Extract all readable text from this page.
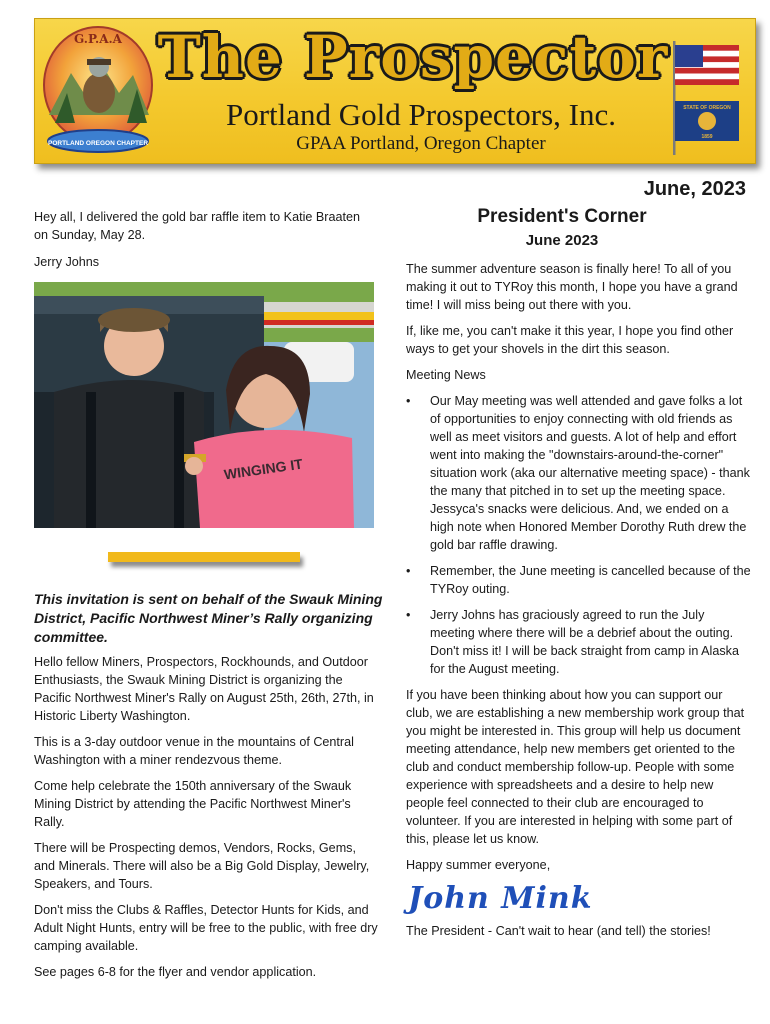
G.P.A.A
PORTLAND OREGON CHAPTER
The Prospector
Portland Gold Prospectors, Inc.
GPAA Portland, Oregon Chapter
STATE OF OREGON
1859
June, 2023
President's Corner
June 2023

Hey all, I delivered the gold bar raffle item to Katie Braaten on Sunday, May 28.

Jerry Johns

WINGING IT

This invitation is sent on behalf of the Swauk Mining District, Pacific Northwest Miner’s Rally organizing committee.

Hello fellow Miners, Prospectors, Rockhounds, and Outdoor Enthusiasts, the Swauk Mining District is organizing the Pacific Northwest Miner's Rally on August 25th, 26th, 27th, in Historic Liberty Washington.

This is a 3-day outdoor venue in the mountains of Central Washington with a miner rendezvous theme.

Come help celebrate the 150th anniversary of the Swauk Mining District by attending the Pacific Northwest Miner's Rally.

There will be Prospecting demos, Vendors, Rocks, Gems, and Minerals. There will also be a Big Gold Display, Jewelry, Speakers, and Tours.

Don't miss the Clubs & Raffles, Detector Hunts for Kids, and Adult Night Hunts, entry will be free to the public, with free dry camping available.

See pages 6-8 for the flyer and vendor application.

The summer adventure season is finally here! To all of you making it out to TYRoy this month, I hope you have a grand time! I will miss being out there with you.

If, like me, you can't make it this year, I hope you find other ways to get your shovels in the dirt this season.

Meeting News

• Our May meeting was well attended and gave folks a lot of opportunities to enjoy connecting with old friends as well as meet visitors and guests. A lot of help and effort went into making the "downstairs-around-the-corner" situation work (aka our alternative meeting space) - thank the many that pitched in to set up the meeting space. Jessyca's snacks were delicious. And, we ended on a high note when Honored Member Dorothy Ruth drew the gold bar raffle drawing.
• Remember, the June meeting is cancelled because of the TYRoy outing.
• Jerry Johns has graciously agreed to run the July meeting where there will be a debrief about the outing. Don't miss it! I will be back straight from camp in Alaska for the August meeting.

If you have been thinking about how you can support our club, we are establishing a new membership work group that you might be interested in. This group will help us document meeting attendance, help new members get oriented to the club and conduct membership follow-up. People with some experience with spreadsheets and a desire to help new people feel connected to their club are encouraged to volunteer. If you are interested in helping with some part of this, please let us know.

Happy summer everyone,

John Mink

The President - Can't wait to hear (and tell) the stories!
